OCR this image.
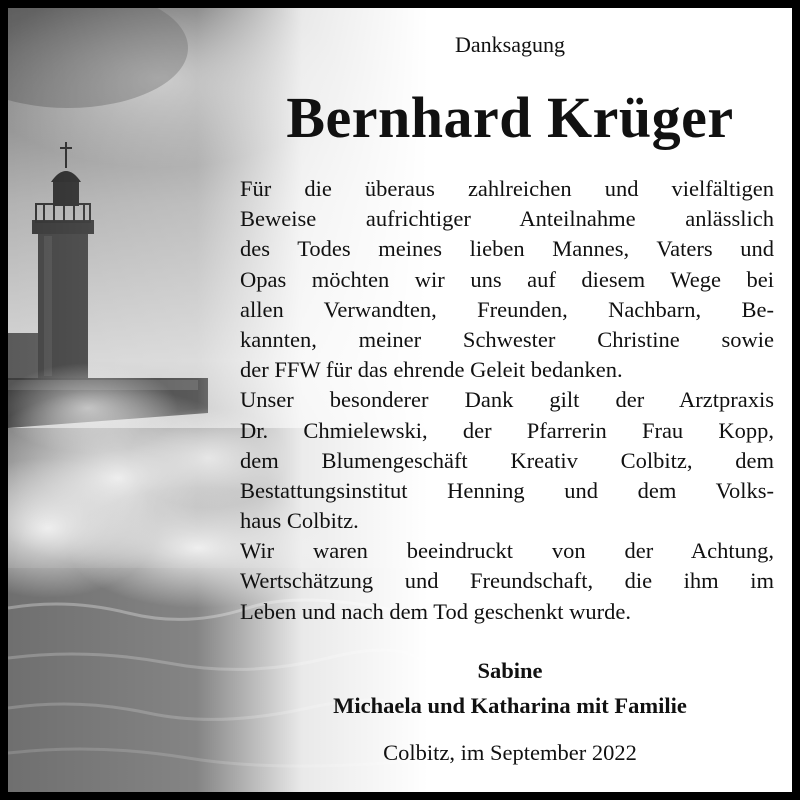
Danksagung
Bernhard Krüger
Für die überaus zahlreichen und vielfältigen
Beweise aufrichtiger Anteilnahme anlässlich
des Todes meines lieben Mannes, Vaters und
Opas möchten wir uns auf diesem Wege bei
allen Verwandten, Freunden, Nachbarn, Be-
kannten, meiner Schwester Christine sowie
der FFW für das ehrende Geleit bedanken.
Unser besonderer Dank gilt der Arztpraxis
Dr. Chmielewski, der Pfarrerin Frau Kopp,
dem Blumengeschäft Kreativ Colbitz, dem
Bestattungsinstitut Henning und dem Volks-
haus Colbitz.
Wir waren beeindruckt von der Achtung,
Wertschätzung und Freundschaft, die ihm im
Leben und nach dem Tod geschenkt wurde.
Sabine
Michaela und Katharina mit Familie
Colbitz, im September 2022
